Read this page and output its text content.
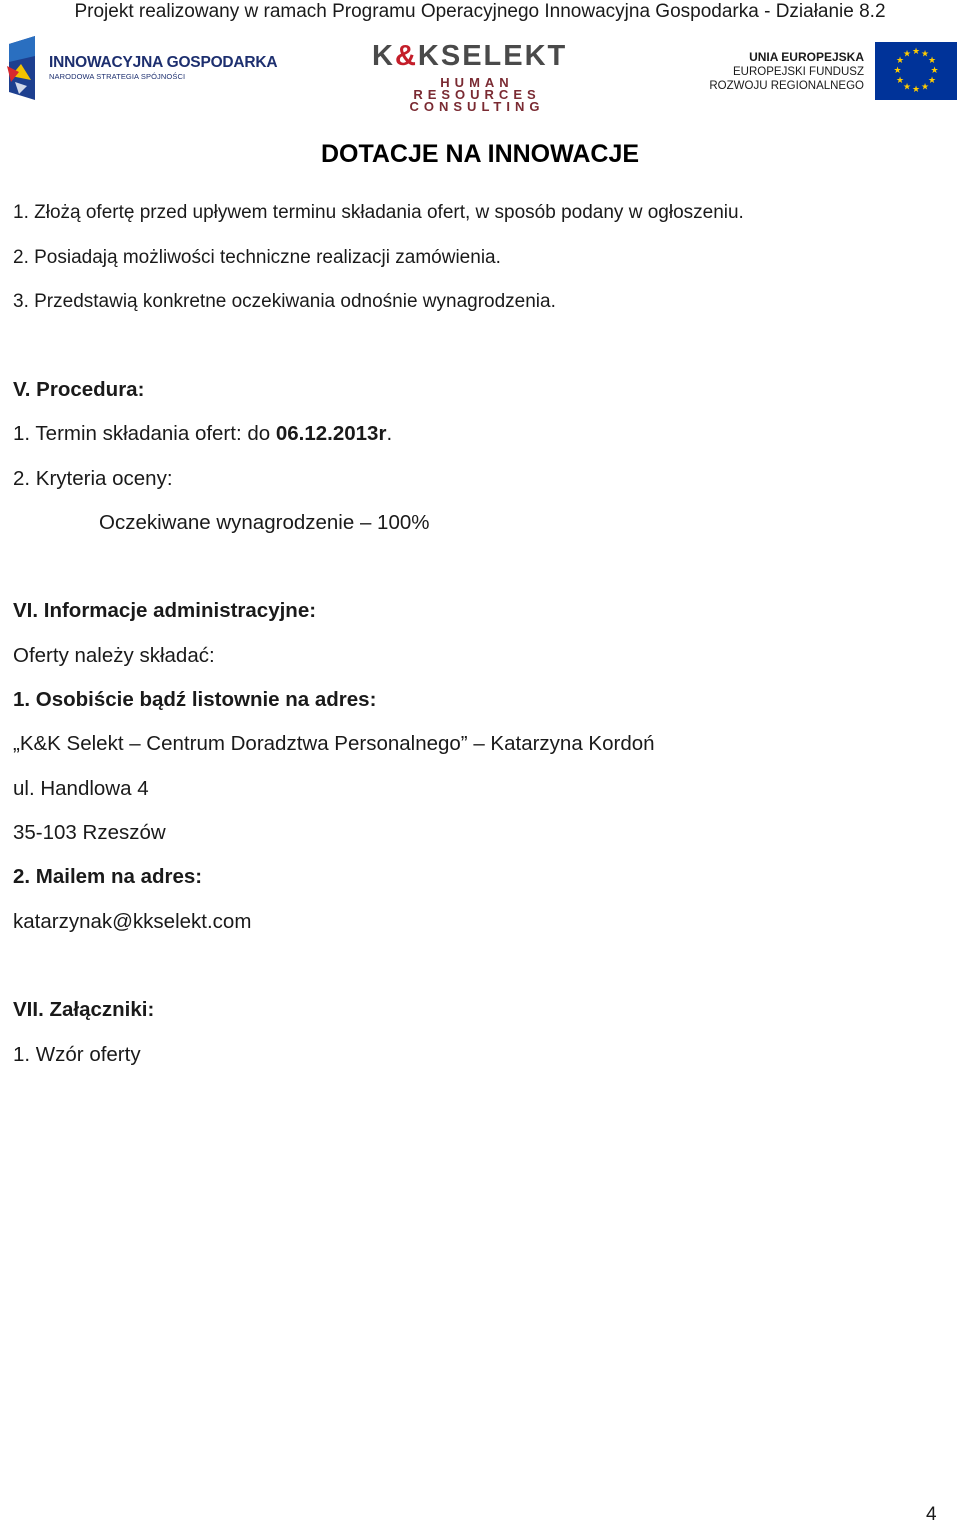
Projekt realizowany w ramach Programu Operacyjnego Innowacyjna Gospodarka - Działanie 8.2
INNOWACYJNA GOSPODARKA
NARODOWA STRATEGIA SPÓJNOŚCI
K&KSELEKT
HUMAN
RESOURCES
CONSULTING
UNIA EUROPEJSKA
EUROPEJSKI FUNDUSZ
ROZWOJU REGIONALNEGO
★ ★
★
★
★
★
★
★
★
★
★
★
DOTACJE NA INNOWACJE
1. Złożą ofertę przed upływem terminu składania ofert, w sposób podany w ogłoszeniu.
2. Posiadają możliwości techniczne realizacji zamówienia.
3. Przedstawią konkretne oczekiwania odnośnie wynagrodzenia.
V. Procedura:
1. Termin składania ofert: do 06.12.2013r.
2. Kryteria oceny:
Oczekiwane wynagrodzenie – 100%
VI. Informacje administracyjne:
Oferty należy składać:
1. Osobiście bądź listownie na adres:
„K&K Selekt – Centrum Doradztwa Personalnego” – Katarzyna Kordoń
ul. Handlowa 4
35-103 Rzeszów
2. Mailem na adres:
katarzynak@kkselekt.com
VII. Załączniki:
1. Wzór oferty
4
